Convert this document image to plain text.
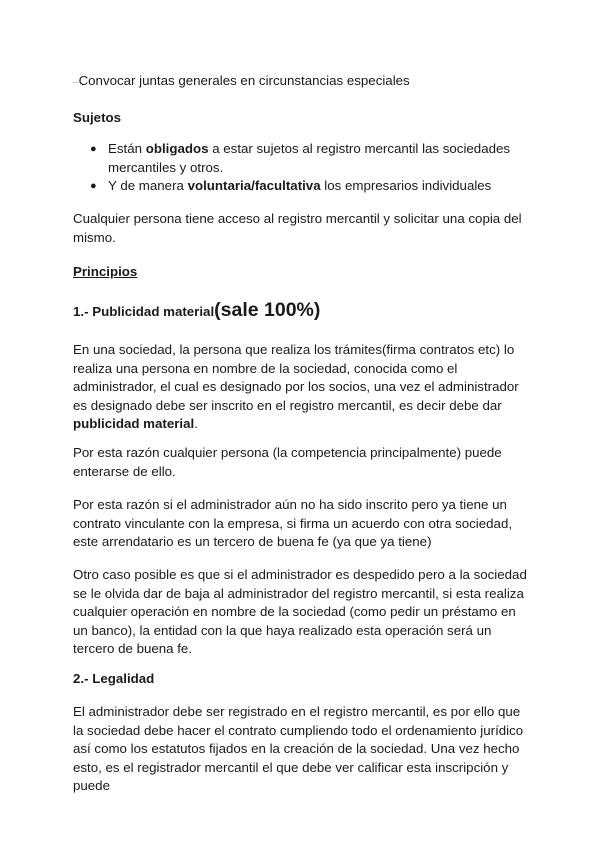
–Convocar juntas generales en circunstancias especiales

Sujetos

● Están obligados a estar sujetos al registro mercantil las sociedades mercantiles y otros.
● Y de manera voluntaria/facultativa los empresarios individuales

Cualquier persona tiene acceso al registro mercantil y solicitar una copia del mismo.

Principios

1.- Publicidad material(sale 100%)

En una sociedad, la persona que realiza los trámites(firma contratos etc) lo realiza una persona en nombre de la sociedad, conocida como el administrador, el cual es designado por los socios, una vez el administrador es designado debe ser inscrito en el registro mercantil, es decir debe dar publicidad material.

Por esta razón cualquier persona (la competencia principalmente) puede enterarse de ello.

Por esta razón si el administrador aún no ha sido inscrito pero ya tiene un contrato vinculante con la empresa, si firma un acuerdo con otra sociedad, este arrendatario es un tercero de buena fe (ya que ya tiene)

Otro caso posible es que si el administrador es despedido pero a la sociedad se le olvida dar de baja al administrador del registro mercantil, si esta realiza cualquier operación en nombre de la sociedad (como pedir un préstamo en un banco), la entidad con la que haya realizado esta operación será un tercero de buena fe.

2.- Legalidad

El administrador debe ser registrado en el registro mercantil, es por ello que la sociedad debe hacer el contrato cumpliendo todo el ordenamiento jurídico así como los estatutos fijados en la creación de la sociedad. Una vez hecho esto, es el registrador mercantil el que debe ver calificar esta inscripción y puede
